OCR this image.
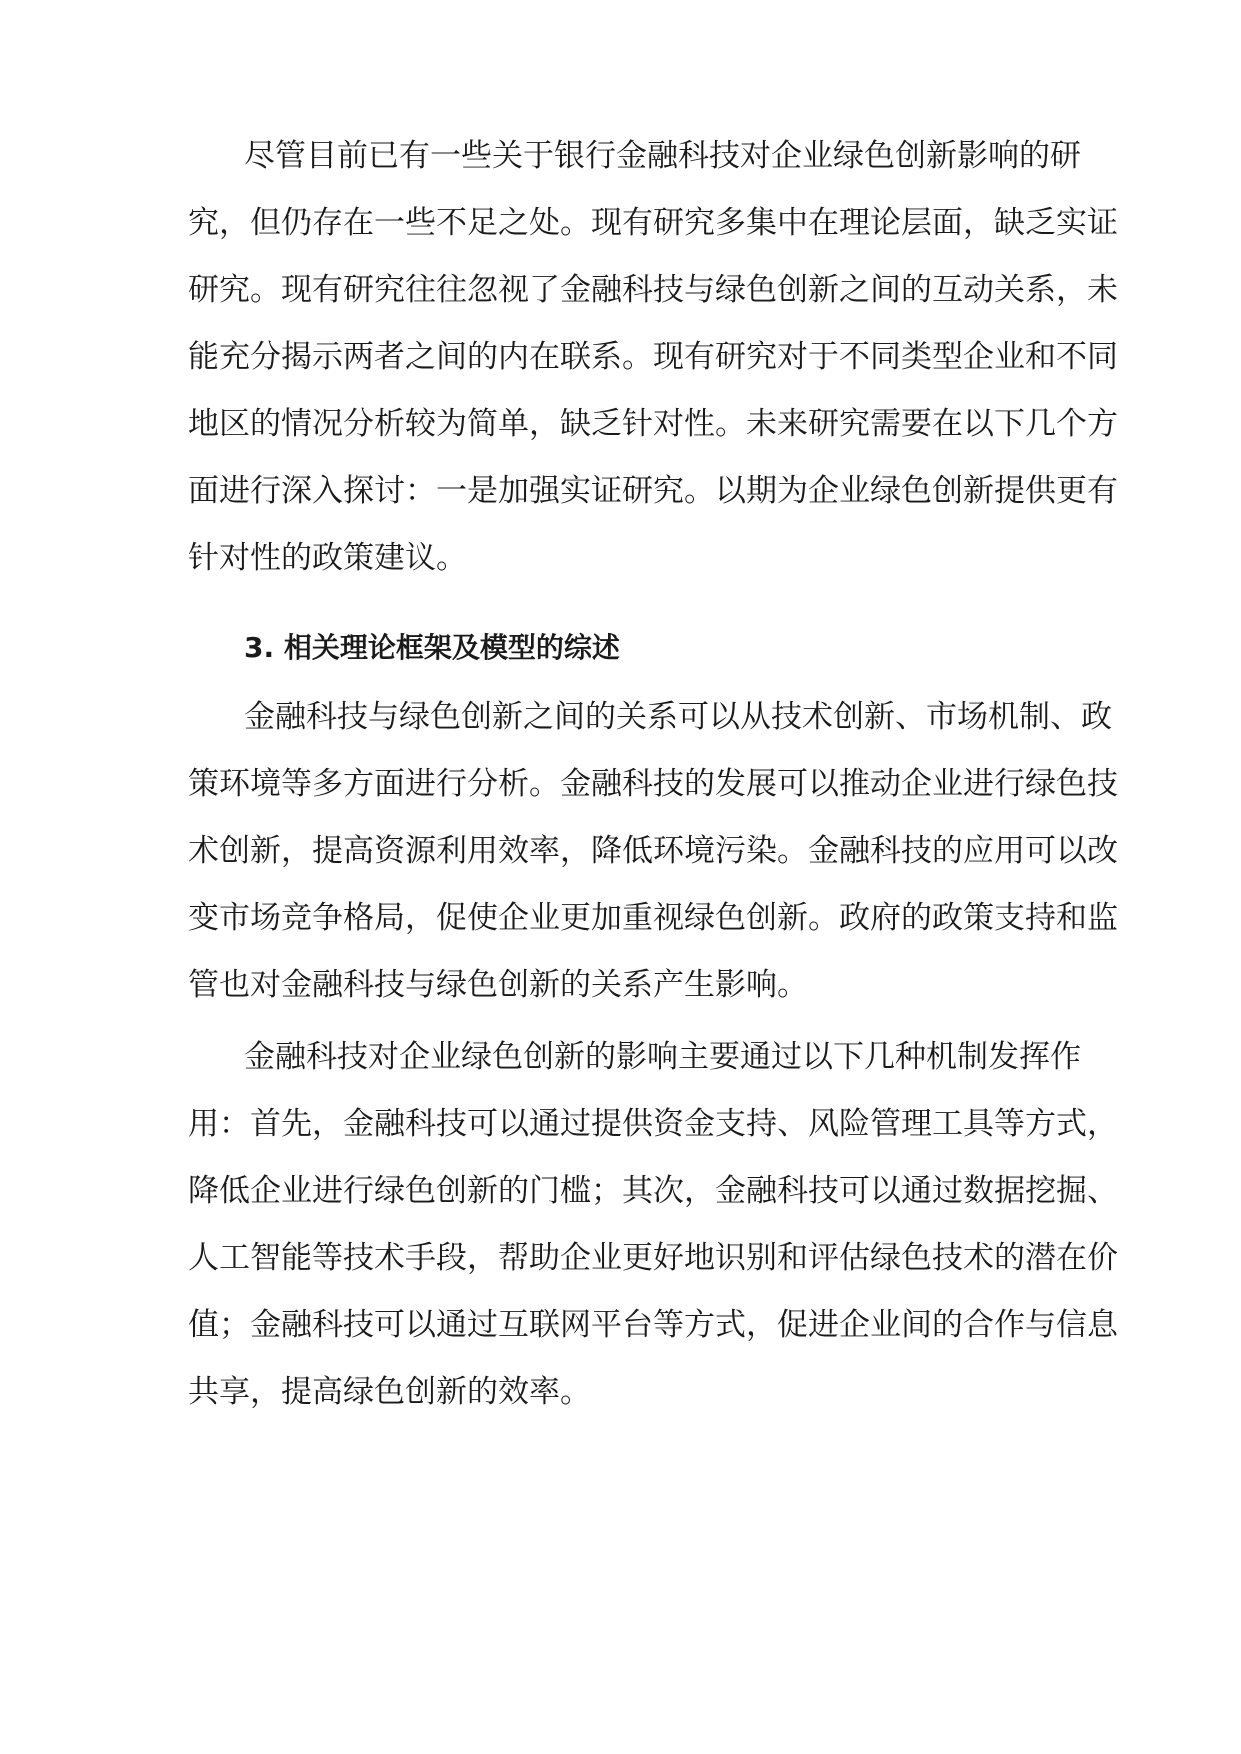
尽管目前已有一些关于银行金融科技对企业绿色创新影响的研
究，但仍存在一些不足之处。现有研究多集中在理论层面，缺乏实证
研究。现有研究往往忽视了金融科技与绿色创新之间的互动关系，未
能充分揭示两者之间的内在联系。现有研究对于不同类型企业和不同
地区的情况分析较为简单，缺乏针对性。未来研究需要在以下几个方
面进行深入探讨：一是加强实证研究。以期为企业绿色创新提供更有
针对性的政策建议。
3. 相关理论框架及模型的综述
金融科技与绿色创新之间的关系可以从技术创新、市场机制、政
策环境等多方面进行分析。金融科技的发展可以推动企业进行绿色技
术创新，提高资源利用效率，降低环境污染。金融科技的应用可以改
变市场竞争格局，促使企业更加重视绿色创新。政府的政策支持和监
管也对金融科技与绿色创新的关系产生影响。
金融科技对企业绿色创新的影响主要通过以下几种机制发挥作
用：首先，金融科技可以通过提供资金支持、风险管理工具等方式，
降低企业进行绿色创新的门槛；其次，金融科技可以通过数据挖掘、
人工智能等技术手段，帮助企业更好地识别和评估绿色技术的潜在价
值；金融科技可以通过互联网平台等方式，促进企业间的合作与信息
共享，提高绿色创新的效率。
